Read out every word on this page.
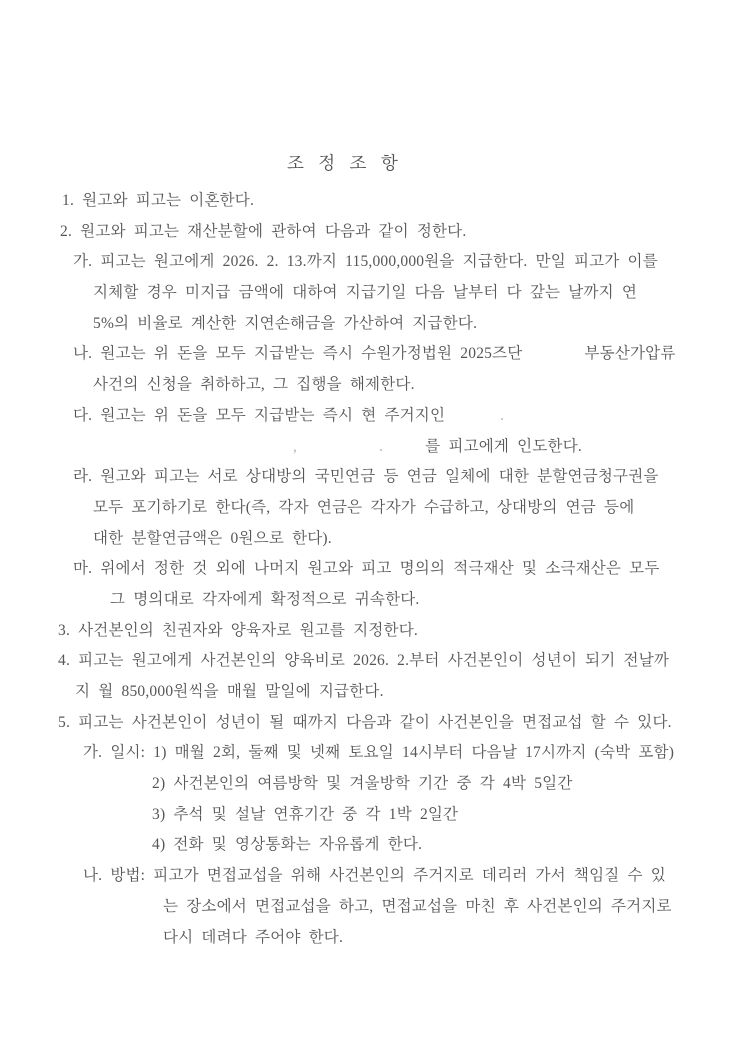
조 정 조 항
1. 원고와 피고는 이혼한다.
2. 원고와 피고는 재산분할에 관하여 다음과 같이 정한다.
가. 피고는 원고에게 2026. 2. 13.까지 115,000,000원을 지급한다. 만일 피고가 이를
지체할 경우 미지급 금액에 대하여 지급기일 다음 날부터 다 갚는 날까지 연
5%의 비율로 계산한 지연손해금을 가산하여 지급한다.
나. 원고는 위 돈을 모두 지급받는 즉시 수원가정법원 2025즈단	부동산가압류
사건의 신청을 취하하고, 그 집행을 해제한다.
다. 원고는 위 돈을 모두 지급받는 즉시 현 주거지인	.
,	.	를 피고에게 인도한다.
라. 원고와 피고는 서로 상대방의 국민연금 등 연금 일체에 대한 분할연금청구권을
모두 포기하기로 한다(즉, 각자 연금은 각자가 수급하고, 상대방의 연금 등에
대한 분할연금액은 0원으로 한다).
마. 위에서 정한 것 외에 나머지 원고와 피고 명의의 적극재산 및 소극재산은 모두
그 명의대로 각자에게 확정적으로 귀속한다.
3. 사건본인의 친권자와 양육자로 원고를 지정한다.
4. 피고는 원고에게 사건본인의 양육비로 2026. 2.부터 사건본인이 성년이 되기 전날까
지 월 850,000원씩을 매월 말일에 지급한다.
5. 피고는 사건본인이 성년이 될 때까지 다음과 같이 사건본인을 면접교섭 할 수 있다.
가. 일시: 1) 매월 2회, 둘째 및 넷째 토요일 14시부터 다음날 17시까지 (숙박 포함)
2) 사건본인의 여름방학 및 겨울방학 기간 중 각 4박 5일간
3) 추석 및 설날 연휴기간 중 각 1박 2일간
4) 전화 및 영상통화는 자유롭게 한다.
나. 방법: 피고가 면접교섭을 위해 사건본인의 주거지로 데리러 가서 책임질 수 있
는 장소에서 면접교섭을 하고, 면접교섭을 마친 후 사건본인의 주거지로
다시 데려다 주어야 한다.
